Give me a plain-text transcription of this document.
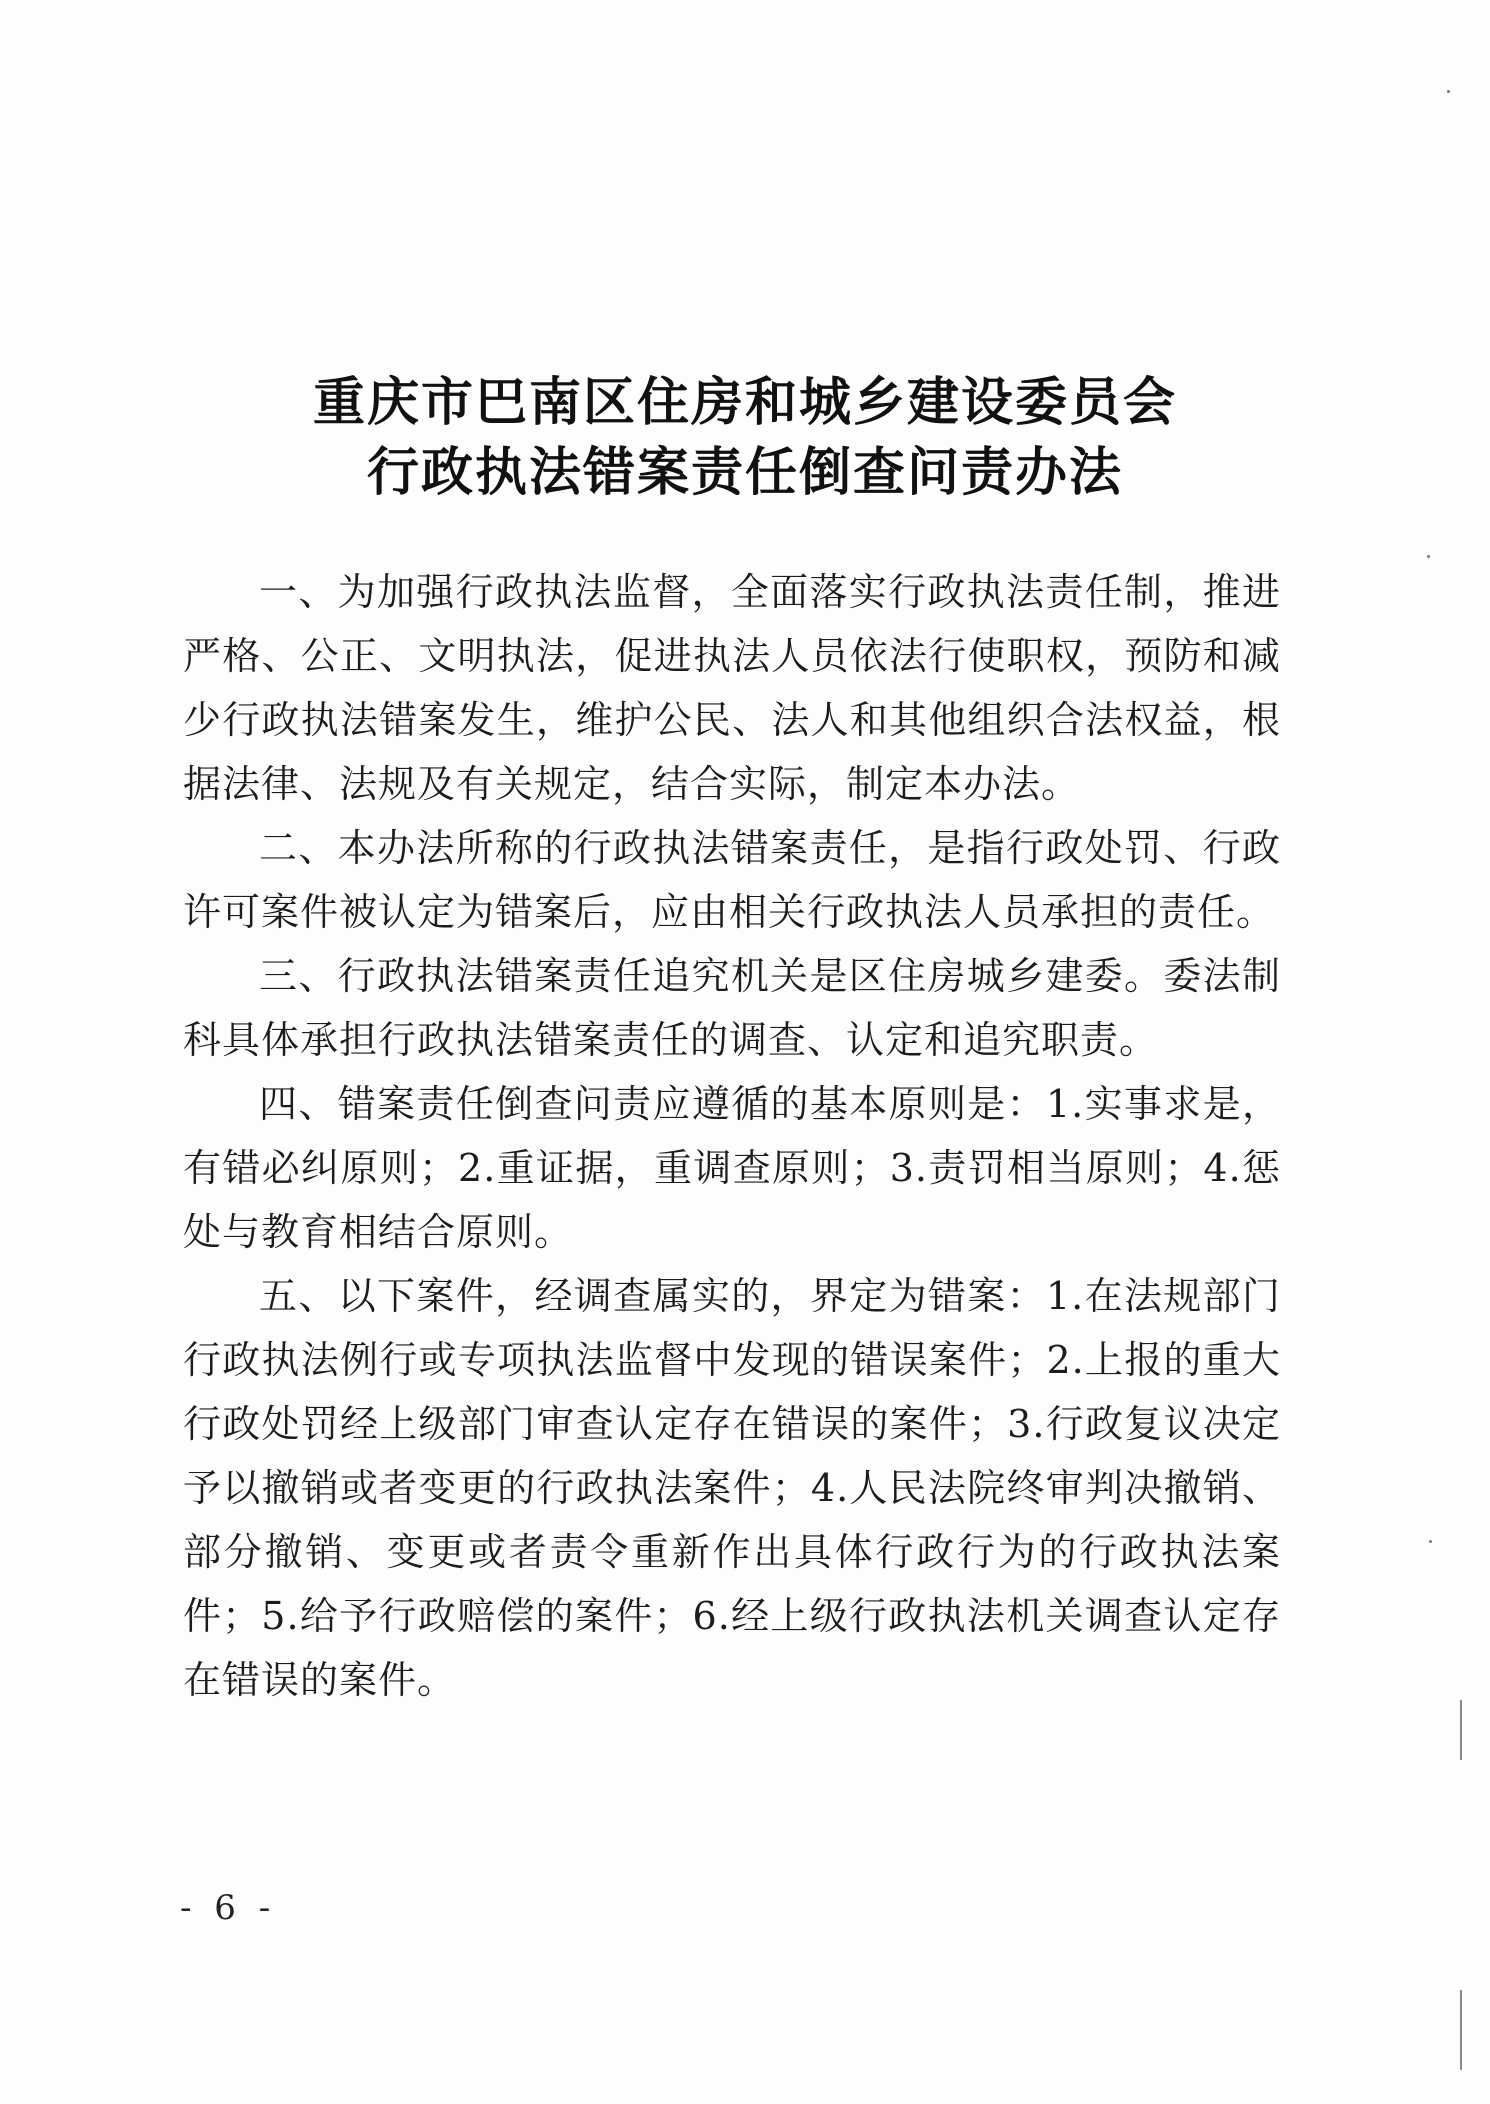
重庆市巴南区住房和城乡建设委员会
行政执法错案责任倒查问责办法

一、为加强行政执法监督，全面落实行政执法责任制，推进严格、公正、文明执法，促进执法人员依法行使职权，预防和减少行政执法错案发生，维护公民、法人和其他组织合法权益，根据法律、法规及有关规定，结合实际，制定本办法。

二、本办法所称的行政执法错案责任，是指行政处罚、行政许可案件被认定为错案后，应由相关行政执法人员承担的责任。

三、行政执法错案责任追究机关是区住房城乡建委。委法制科具体承担行政执法错案责任的调查、认定和追究职责。

四、错案责任倒查问责应遵循的基本原则是：1.实事求是，有错必纠原则；2.重证据，重调查原则；3.责罚相当原则；4.惩处与教育相结合原则。

五、以下案件，经调查属实的，界定为错案：1.在法规部门行政执法例行或专项执法监督中发现的错误案件；2.上报的重大行政处罚经上级部门审查认定存在错误的案件；3.行政复议决定予以撤销或者变更的行政执法案件；4.人民法院终审判决撤销、部分撤销、变更或者责令重新作出具体行政行为的行政执法案件；5.给予行政赔偿的案件；6.经上级行政执法机关调查认定存在错误的案件。

- 6 -
